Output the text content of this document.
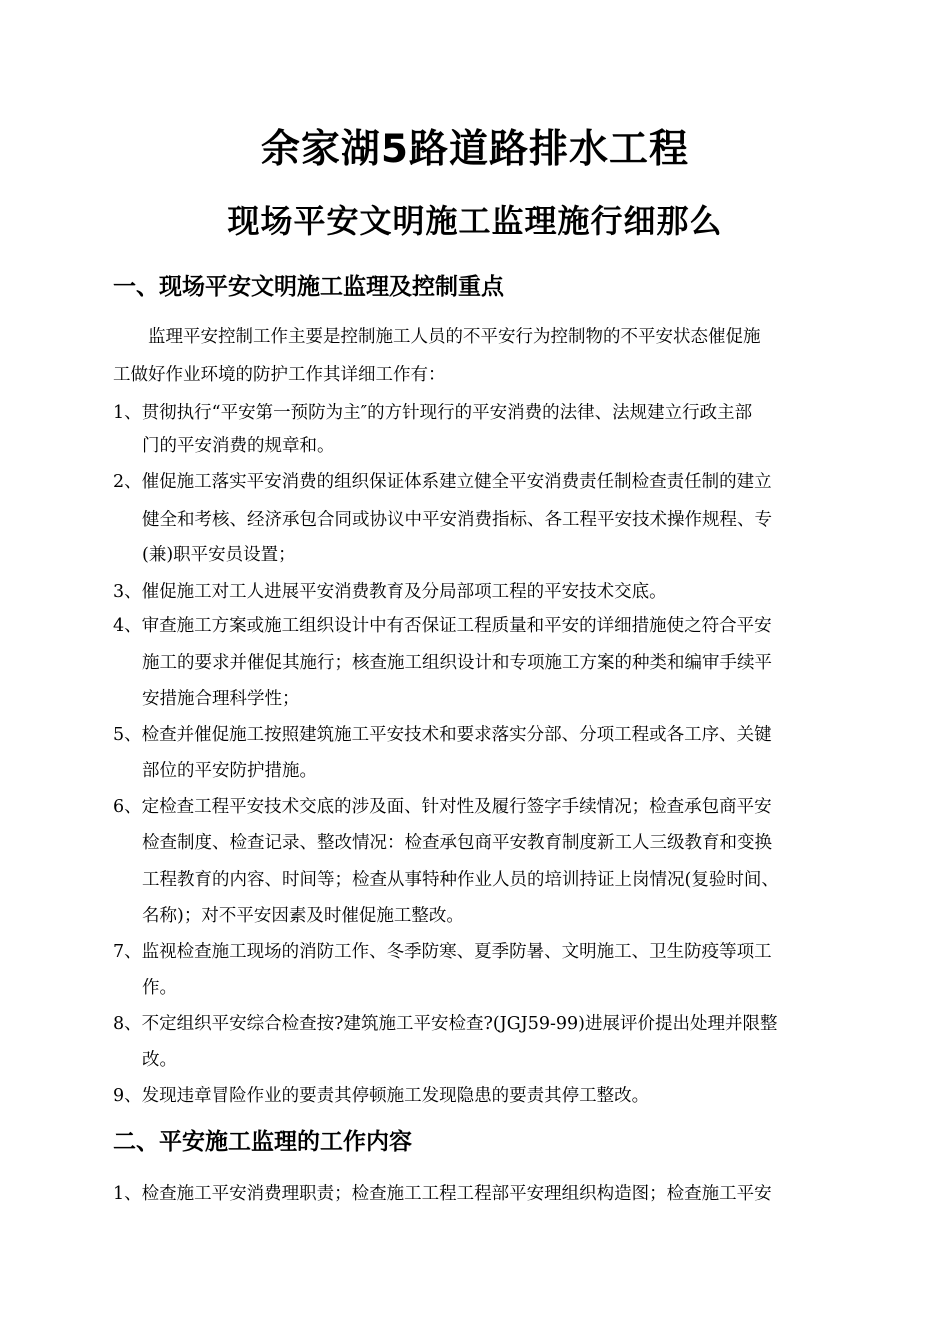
余家湖5路道路排水工程
现场平安文明施工监理施行细那么
一、现场平安文明施工监理及控制重点
监理平安控制工作主要是控制施工人员的不平安行为控制物的不平安状态催促施
工做好作业环境的防护工作其详细工作有：
1、贯彻执行“平安第一预防为主″的方针现行的平安消费的法律、法规建立行政主部
门的平安消费的规章和。
2、催促施工落实平安消费的组织保证体系建立健全平安消费责任制检查责任制的建立
健全和考核、经济承包合同或协议中平安消费指标、各工程平安技术操作规程、专
(兼)职平安员设置；
3、催促施工对工人进展平安消费教育及分局部项工程的平安技术交底。
4、审查施工方案或施工组织设计中有否保证工程质量和平安的详细措施使之符合平安
施工的要求并催促其施行；核查施工组织设计和专项施工方案的种类和编审手续平
安措施合理科学性；
5、检查并催促施工按照建筑施工平安技术和要求落实分部、分项工程或各工序、关键
部位的平安防护措施。
6、定检查工程平安技术交底的涉及面、针对性及履行签字手续情况；检查承包商平安
检查制度、检查记录、整改情况：检查承包商平安教育制度新工人三级教育和变换
工程教育的内容、时间等；检查从事特种作业人员的培训持证上岗情况(复验时间、
名称)；对不平安因素及时催促施工整改。
7、监视检查施工现场的消防工作、冬季防寒、夏季防暑、文明施工、卫生防疫等项工
作。
8、不定组织平安综合检查按?建筑施工平安检查?(JGJ59-99)进展评价提出处理并限整
改。
9、发现违章冒险作业的要责其停顿施工发现隐患的要责其停工整改。
二、平安施工监理的工作内容
1、检查施工平安消费理职责；检查施工工程工程部平安理组织构造图；检查施工平安
